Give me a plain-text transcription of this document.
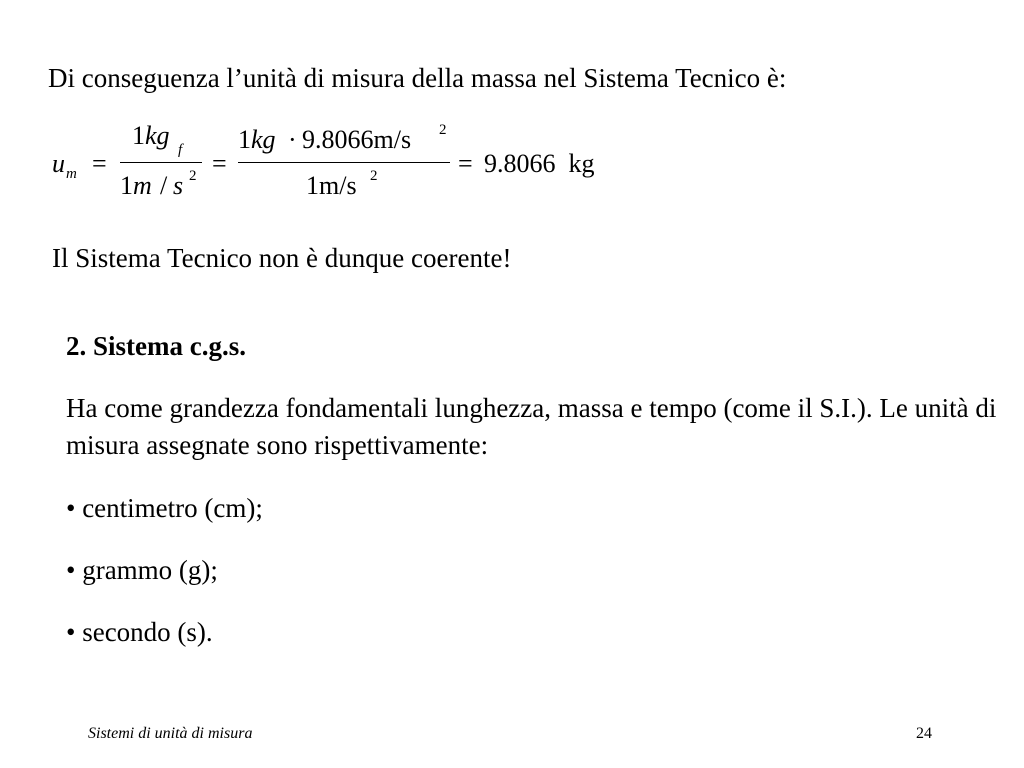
Di conseguenza l’unità di misura della massa nel Sistema Tecnico è:
u m =
1 kg f
1 m / s 2 =
1 kg · 9.8066m/s 2
1m/s 2	= 9.8066  kg
Il Sistema Tecnico non è dunque coerente!
2. Sistema c.g.s.
Ha come grandezza fondamentali lunghezza, massa e tempo (come il S.I.). Le unità di misura assegnate sono rispettivamente:
• centimetro (cm);
• grammo (g);
• secondo (s).
Sistemi di unità di misura	24
